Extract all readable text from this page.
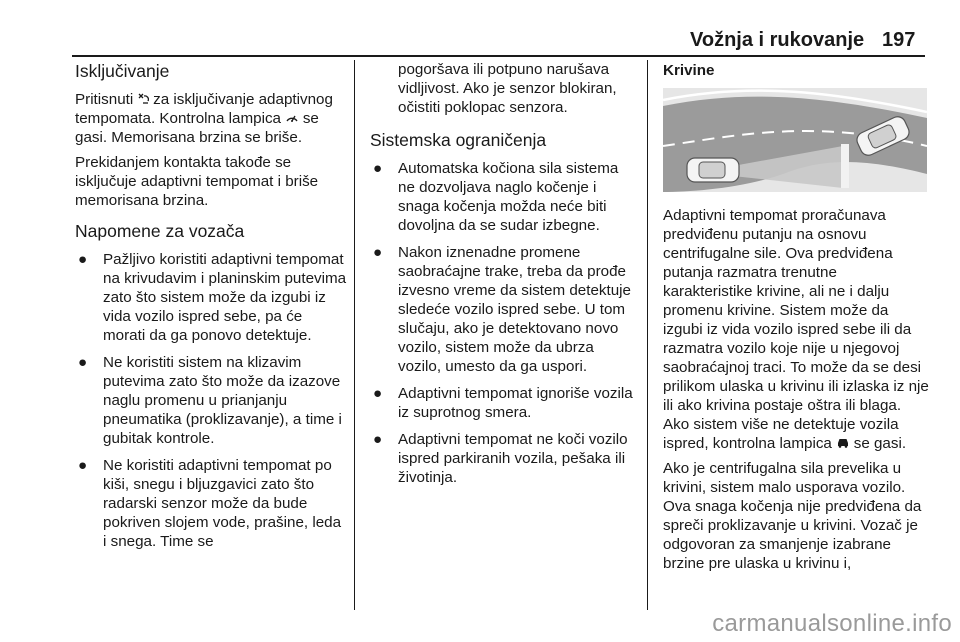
Vožnja i rukovanje 197
Isključivanje

Pritisnuti  za isključivanje adaptivnog tempomata. Kontrolna lampica  se gasi. Memorisana brzina se briše.

Prekidanjem kontakta takođe se isključuje adaptivni tempomat i briše memorisana brzina.

Napomene za vozača
● Pažljivo koristiti adaptivni tempomat na krivudavim i planinskim putevima zato što sistem može da izgubi iz vida vozilo ispred sebe, pa će morati da ga ponovo detektuje.
● Ne koristiti sistem na klizavim putevima zato što može da izazove naglu promenu u prianjanju pneumatika (proklizavanje), a time i gubitak kontrole.
● Ne koristiti adaptivni tempomat po kiši, snegu i bljuzgavici zato što radarski senzor može da bude pokriven slojem vode, prašine, leda i snega. Time se

pogoršava ili potpuno narušava vidljivost. Ako je senzor blokiran, očistiti poklopac senzora.

Sistemska ograničenja
● Automatska kočiona sila sistema ne dozvoljava naglo kočenje i snaga kočenja možda neće biti dovoljna da se sudar izbegne.
● Nakon iznenadne promene saobraćajne trake, treba da prođe izvesno vreme da sistem detektuje sledeće vozilo ispred sebe. U tom slučaju, ako je detektovano novo vozilo, sistem može da ubrza vozilo, umesto da ga uspori.
● Adaptivni tempomat ignoriše vozila iz suprotnog smera.
● Adaptivni tempomat ne koči vozilo ispred parkiranih vozila, pešaka ili životinja.
Krivine

Adaptivni tempomat proračunava predviđenu putanju na osnovu centrifugalne sile. Ova predviđena putanja razmatra trenutne karakteristike krivine, ali ne i dalju promenu krivine. Sistem može da izgubi iz vida vozilo ispred sebe ili da razmatra vozilo koje nije u njegovoj saobraćajnoj traci. To može da se desi prilikom ulaska u krivinu ili izlaska iz nje ili ako krivina postaje oštra ili blaga. Ako sistem više ne detektuje vozila ispred, kontrolna lampica  se gasi.

Ako je centrifugalna sila prevelika u krivini, sistem malo usporava vozilo. Ova snaga kočenja nije predviđena da spreči proklizavanje u krivini. Vozač je odgovoran za smanjenje izabrane brzine pre ulaska u krivinu i,

carmanualsonline.info
